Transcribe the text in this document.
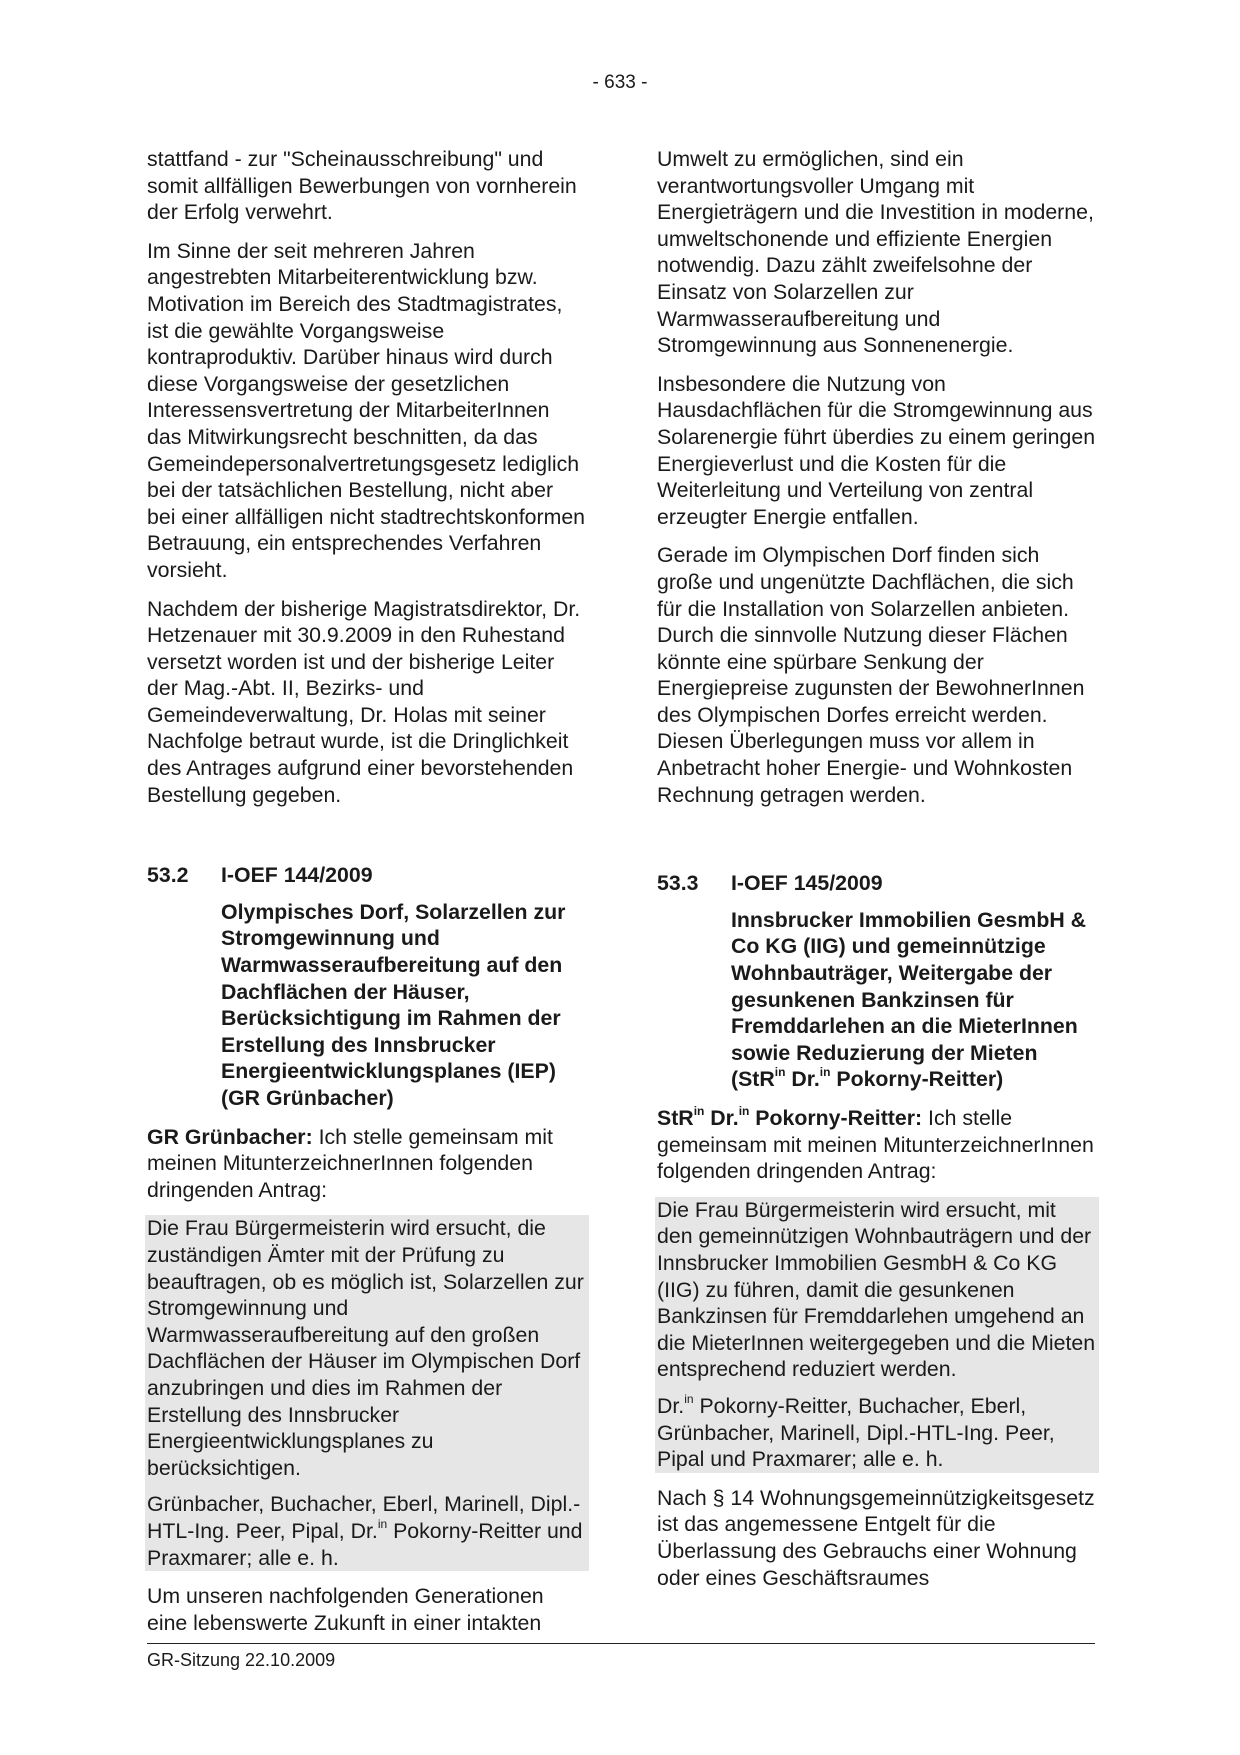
- 633 -

stattfand - zur "Scheinausschreibung" und somit allfälligen Bewerbungen von vornherein der Erfolg verwehrt.

Im Sinne der seit mehreren Jahren angestrebten Mitarbeiterentwicklung bzw. Motivation im Bereich des Stadtmagistrates, ist die gewählte Vorgangsweise kontraproduktiv. Darüber hinaus wird durch diese Vorgangsweise der gesetzlichen Interessensvertretung der MitarbeiterInnen das Mitwirkungsrecht beschnitten, da das Gemeindepersonalvertretungsgesetz lediglich bei der tatsächlichen Bestellung, nicht aber bei einer allfälligen nicht stadtrechtskonformen Betrauung, ein entsprechendes Verfahren vorsieht.

Nachdem der bisherige Magistratsdirektor, Dr. Hetzenauer mit 30.9.2009 in den Ruhestand versetzt worden ist und der bisherige Leiter der Mag.-Abt. II, Bezirks- und Gemeindeverwaltung, Dr. Holas mit seiner Nachfolge betraut wurde, ist die Dringlichkeit des Antrages aufgrund einer bevorstehenden Bestellung gegeben.

53.2	I-OEF 144/2009
Olympisches Dorf, Solarzellen zur Stromgewinnung und Warmwasseraufbereitung auf den Dachflächen der Häuser, Berücksichtigung im Rahmen der Erstellung des Innsbrucker Energieentwicklungsplanes (IEP) (GR Grünbacher)

GR Grünbacher: Ich stelle gemeinsam mit meinen MitunterzeichnerInnen folgenden dringenden Antrag:

Die Frau Bürgermeisterin wird ersucht, die zuständigen Ämter mit der Prüfung zu beauftragen, ob es möglich ist, Solarzellen zur Stromgewinnung und Warmwasseraufbereitung auf den großen Dachflächen der Häuser im Olympischen Dorf anzubringen und dies im Rahmen der Erstellung des Innsbrucker Energieentwicklungsplanes zu berücksichtigen.

Grünbacher, Buchacher, Eberl, Marinell, Dipl.-HTL-Ing. Peer, Pipal, Dr.$^{in}$ Pokorny-Reitter und Praxmarer; alle e. h.

Um unseren nachfolgenden Generationen eine lebenswerte Zukunft in einer intakten

Umwelt zu ermöglichen, sind ein verantwortungsvoller Umgang mit Energieträgern und die Investition in moderne, umweltschonende und effiziente Energien notwendig. Dazu zählt zweifelsohne der Einsatz von Solarzellen zur Warmwasseraufbereitung und Stromgewinnung aus Sonnenenergie.

Insbesondere die Nutzung von Hausdachflächen für die Stromgewinnung aus Solarenergie führt überdies zu einem geringen Energieverlust und die Kosten für die Weiterleitung und Verteilung von zentral erzeugter Energie entfallen.

Gerade im Olympischen Dorf finden sich große und ungenützte Dachflächen, die sich für die Installation von Solarzellen anbieten. Durch die sinnvolle Nutzung dieser Flächen könnte eine spürbare Senkung der Energiepreise zugunsten der BewohnerInnen des Olympischen Dorfes erreicht werden. Diesen Überlegungen muss vor allem in Anbetracht hoher Energie- und Wohnkosten Rechnung getragen werden.

53.3	I-OEF 145/2009
Innsbrucker Immobilien GesmbH & Co KG (IIG) und gemeinnützige Wohnbauträger, Weitergabe der gesunkenen Bankzinsen für Fremddarlehen an die MieterInnen sowie Reduzierung der Mieten (StR$^{in}$ Dr.$^{in}$ Pokorny-Reitter)

StR$^{in}$ Dr.$^{in}$ Pokorny-Reitter: Ich stelle gemeinsam mit meinen MitunterzeichnerInnen folgenden dringenden Antrag:

Die Frau Bürgermeisterin wird ersucht, mit den gemeinnützigen Wohnbauträgern und der Innsbrucker Immobilien GesmbH & Co KG (IIG) zu führen, damit die gesunkenen Bankzinsen für Fremddarlehen umgehend an die MieterInnen weitergegeben und die Mieten entsprechend reduziert werden.

Dr.$^{in}$ Pokorny-Reitter, Buchacher, Eberl, Grünbacher, Marinell, Dipl.-HTL-Ing. Peer, Pipal und Praxmarer; alle e. h.

Nach § 14 Wohnungsgemeinnützigkeitsgesetz ist das angemessene Entgelt für die Überlassung des Gebrauchs einer Wohnung oder eines Geschäftsraumes

GR-Sitzung 22.10.2009
